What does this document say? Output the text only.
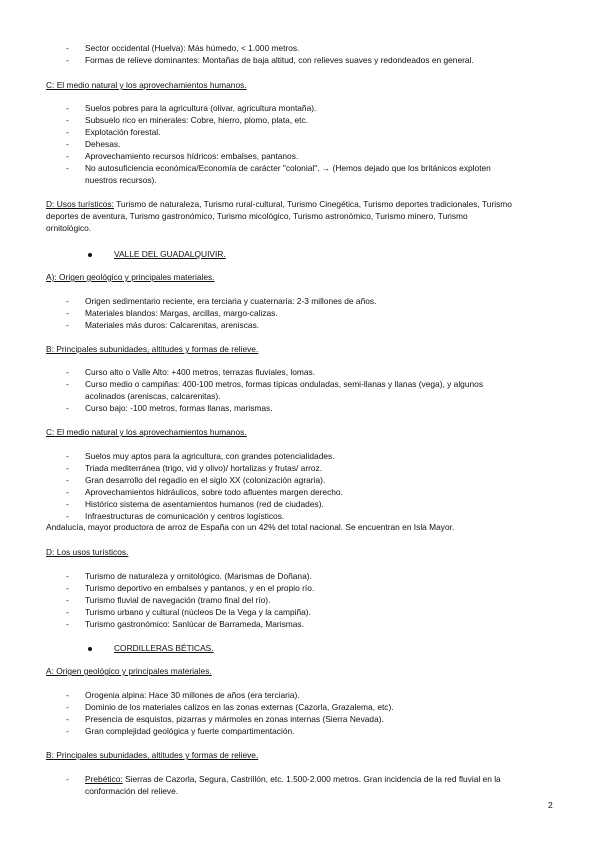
- Sector occidental (Huelva): Más húmedo, < 1.000 metros.
- Formas de relieve dominantes: Montañas de baja altitud, con relieves suaves y redondeados en general.
C: El medio natural y los aprovechamientos humanos.
- Suelos pobres para la agricultura (olivar, agricultura montaña).
- Subsuelo rico en minerales: Cobre, hierro, plomo, plata, etc.
- Explotación forestal.
- Dehesas.
- Aprovechamiento recursos hídricos: embalses, pantanos.
- No autosuficiencia económica/Economía de carácter "colonial". → (Hemos dejado que los británicos exploten
nuestros recursos).
D: Usos turísticos: Turismo de naturaleza, Turismo rural-cultural, Turismo Cinegética, Turismo deportes tradicionales, Turismo
deportes de aventura, Turismo gastronómico, Turismo micológico, Turismo astronómico, Turismo minero, Turismo
ornitológico.
VALLE DEL GUADALQUIVIR.
A): Origen geológico y principales materiales.
- Origen sedimentario reciente, era terciaria y cuaternaria: 2-3 millones de años.
- Materiales blandos: Margas, arcillas, margo-calizas.
- Materiales más duros: Calcarenitas, areniscas.
B: Principales subunidades, altitudes y formas de relieve.
- Curso alto o Valle Alto: +400 metros, terrazas fluviales, lomas.
- Curso medio o campiñas: 400-100 metros, formas típicas onduladas, semi-llanas y llanas (vega), y algunos
acolinados (areniscas, calcarenitas).
- Curso bajo: -100 metros, formas llanas, marismas.
C: El medio natural y los aprovechamientos humanos.
- Suelos muy aptos para la agricultura, con grandes potencialidades.
- Triada mediterránea (trigo, vid y olivo)/ hortalizas y frutas/ arroz.
- Gran desarrollo del regadío en el siglo XX (colonización agraria).
- Aprovechamientos hidráulicos, sobre todo afluentes margen derecho.
- Histórico sistema de asentamientos humanos (red de ciudades).
- Infraestructuras de comunicación y centros logísticos.
Andalucía, mayor productora de arroz de España con un 42% del total nacional. Se encuentran en Isla Mayor.
D: Los usos turísticos.
- Turismo de naturaleza y ornitológico. (Marismas de Doñana).
- Turismo deportivo en embalses y pantanos, y en el propio río.
- Turismo fluvial de navegación (tramo final del río).
- Turismo urbano y cultural (núcleos De la Vega y la campiña).
- Turismo gastronómico: Sanlúcar de Barrameda, Marismas.
CORDILLERAS BÉTICAS.
A: Origen geológico y principales materiales.
- Orogenia alpina: Hace 30 millones de años (era terciaria).
- Dominio de los materiales calizos en las zonas externas (Cazorla, Grazalema, etc).
- Presencia de esquistos, pizarras y mármoles en zonas internas (Sierra Nevada).
- Gran complejidad geológica y fuerte compartimentación.
B: Principales subunidades, altitudes y formas de relieve.
- Prebético: Sierras de Cazorla, Segura, Castrillón, etc. 1.500-2.000 metros. Gran incidencia de la red fluvial en la
conformación del relieve.
2
